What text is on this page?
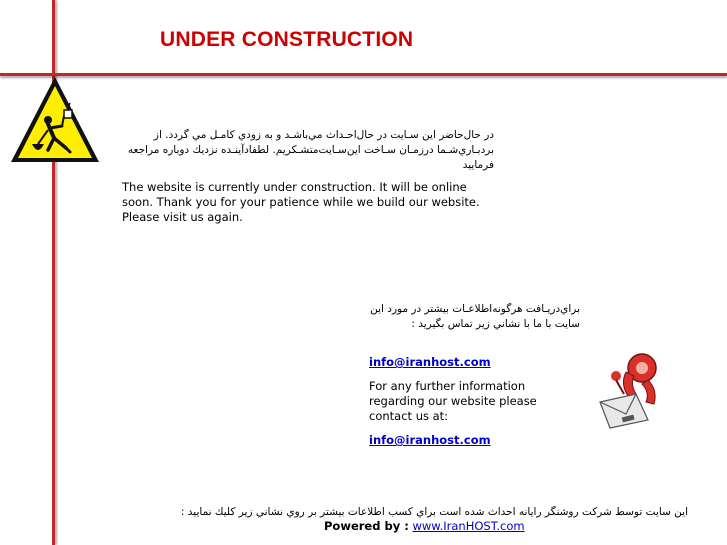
UNDER CONSTRUCTION

در حال‌حاضر این سـایت در حال‌احـداث مي‌باشـد و به زودي کامـل مي گردد. از بردبـاري‌شـما درزمـان سـاخت این‌سـایت‌متشـکریم. لطفاد‌آینـده نزدیك دوباره مراجعه فرمایید

The website is currently under construction. It will be online soon. Thank you for your patience while we build our website. Please visit us again.

براي‌دریـافت هرگونه‌اطلاعـات بیشتر در مورد این سایت با ما با نشاني زیر تماس بگیرید :

info@iranhost.com

For any further information regarding our website please contact us at:

info@iranhost.com

این سایت توسط شرکت روشنگر رایانه احداث شده است براي کسب اطلاعات بیشتر بر روي نشاني زیر کلیك نمایید :

Powered by : www.IranHOST.com
